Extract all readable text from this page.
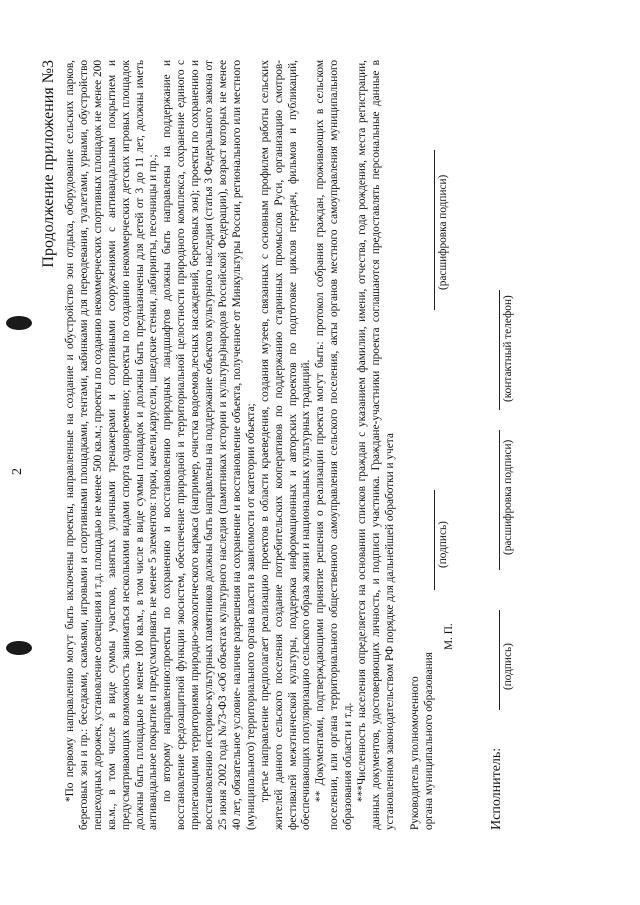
2
Продолжение приложения №3 *По первому направлению могут быть включены проекты, направленные на создание и обустройство зон отдыха, оборудование сельских парков, береговых зон и пр.: беседками, скамьями, игровыми и спортивными площадками, тентами, кабинками для переодевания, туалетами, урнами, обустройство пешеходных дорожек, установление освещения и т.д. площадью не менее 500 кв.м.; проекты по созданию некоммерческих спортивных площадок не менее 200 кв.м., в том числе в виде суммы участков, занятых уличными тренажерами и спортивными сооружениями с антивандальным покрытием и предусматривающих возможность заниматься несколькими видами спорта одновременно; проекты по созданию некоммерческих детских игровых площадок должны быть площадью не менее 100 кв.м., в том числе в виде суммы площадок и должны быть предназначены для детей от 3 до 11 лет, должны иметь антивандальное покрытие и предусматривать не менее 5 элементов: горки, качели,карусели, шведские стенки, лабиринты, песочницы и пр.; по второму направлению:проекты по сохранению и восстановлению природных ландшафтов должны быть направлены на поддержание и восстановление средозащитной функции экосистем, обеспечение природной и территориальной целостности природного комплекса, сохранение единого с прилегающими территориями природно-экологического каркаса (например, очистка водоемов,лесных насаждений, береговых зон); проекты по сохранению и восстановлению историко-культурных памятников должны быть направлены на поддержание объектов культурного наследия (статья 3 Федерального закона от 25 июня 2002 года №73-ФЗ «Об объектах культурного наследия (памятниках истории и культуры)народов Российской Федерации), возраст которых не менее 40 лет, обязательное условие- наличие разрешения на сохранение и восстановление объекта, полученное от Минкультуры России, регионального или местного (муниципального) территориального органа власти в зависимости от категории объекта; третье направление предполагает реализацию проектов в области краеведения, создания музеев, связанных с основным профилем работы сельских жителей данного сельского поселения создание потребительских кооперативов по поддержанию старинных промыслов Руси, организацию смотров-фестивалей межэтнической культуры, поддержка информационных и авторских проектов по подготовке циклов передач, фильмов и публикаций, обеспечивающих популяризацию сельского образа жизни и национальных культурных традиций. ** Документами, подтверждающими принятие решения о реализации проекта могут быть: протокол собрания граждан, проживающих в сельском поселении, или органа территориального общественного самоуправления сельского поселения, акты органов местного самоуправления муниципального образования области и т.д. ***Численность населения определяется на основании списков граждан с указанием фамилии, имени, отчества, года рождения, места регистрации, данных документов, удостоверяющих личность, и подписи участника. Граждане-участники проекта соглашаются предоставлять персональные данные в установленном законодательством РФ порядке для дальнейшей обработки и учета Руководитель уполномоченного органа муниципального образования
(подпись)
(расшифровка подписи)
М. П.
Исполнитель:
(подпись)
(расшифровка подписи)
(контактный телефон)
